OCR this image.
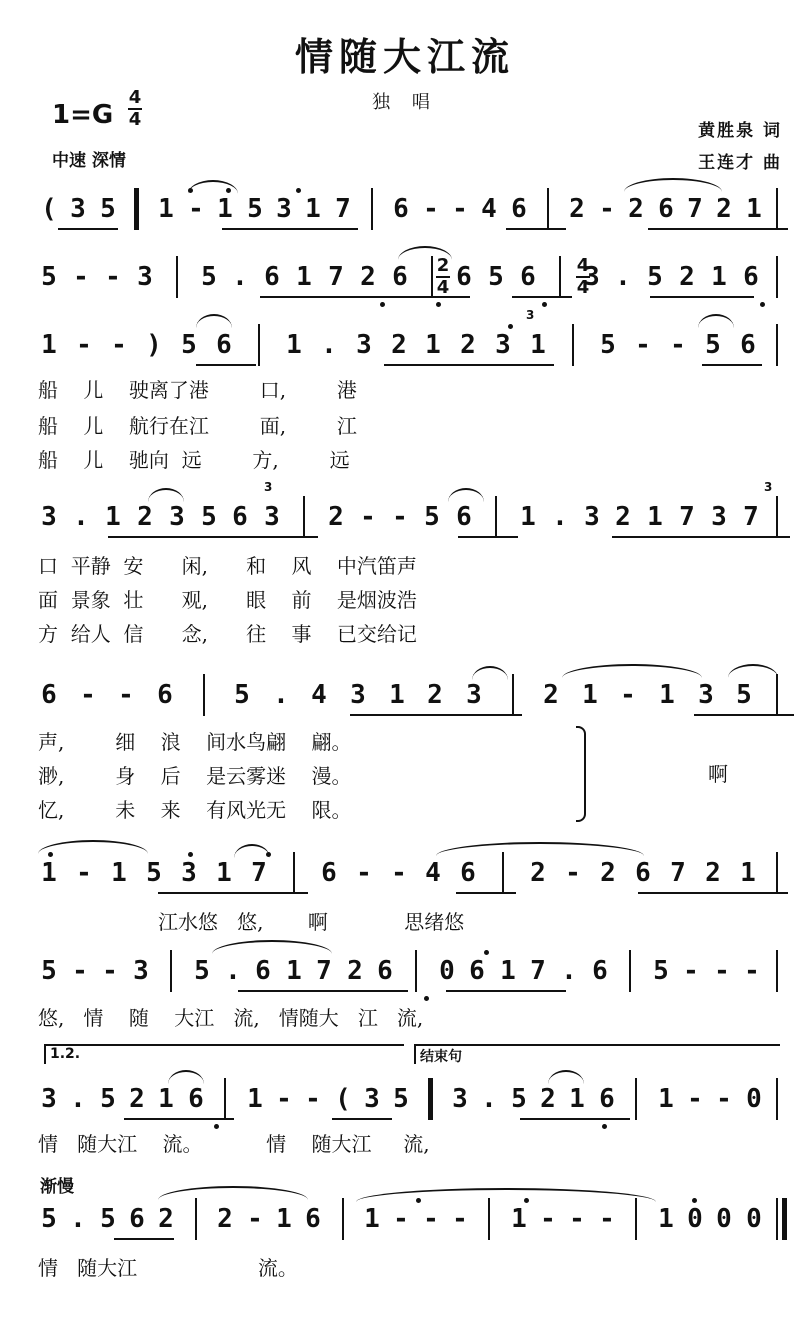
情随大江流
独 唱
1=G
4
4
中速 深情
黄胜泉 词
王连才 曲
( 3 5 1 - 1 5 3 1 7 6 - - 4 6 2 - 2 6 7 2 1
5 - - 3 5 . 6 1 7 2 6 6 5 6 3 . 5 2 1 6
2
4
4
4
1 - - ) 5 6 1 . 3 2 1 2 3 1 5 - - 5 6
3
船    儿    驶离了港        口,        港
船    儿    航行在江        面,        江
船    儿    驰向  远        方,        远
3 . 1 2 3 5 6 3 2 - - 5 6 1 . 3 2 1 7 3 7
3	3
口  平静  安      闲,      和    风    中汽笛声
面  景象  壮      观,      眼    前    是烟波浩
方  给人  信      念,      往    事    已交给记
6 - - 6 5 . 4 3 1 2 3 2 1 - 1 3 5
声,        细    浪    间水鸟翩    翩。
渺,        身    后    是云雾迷    漫。
忆,        未    来    有风光无    限。
啊
1 - 1 5 3 1 7 6 - - 4 6 2 - 2 6 7 2 1
江水悠   悠,       啊            思绪悠
5 - - 3 5 . 6 1 7 2 6 0 6 1 7 . 6 5 - - -
悠,   情    随    大江   流,   情随大   江   流,
1.2.	结束句
3 . 5 2 1 6 1 - - ( 3 5 3 . 5 2 1 6 1 - - 0
情   随大江    流。          情    随大江     流,
渐慢
5 . 5 6 2 2 - 1 6 1 - - - 1 - - - 1 0 0 0
情   随大江                   流。
